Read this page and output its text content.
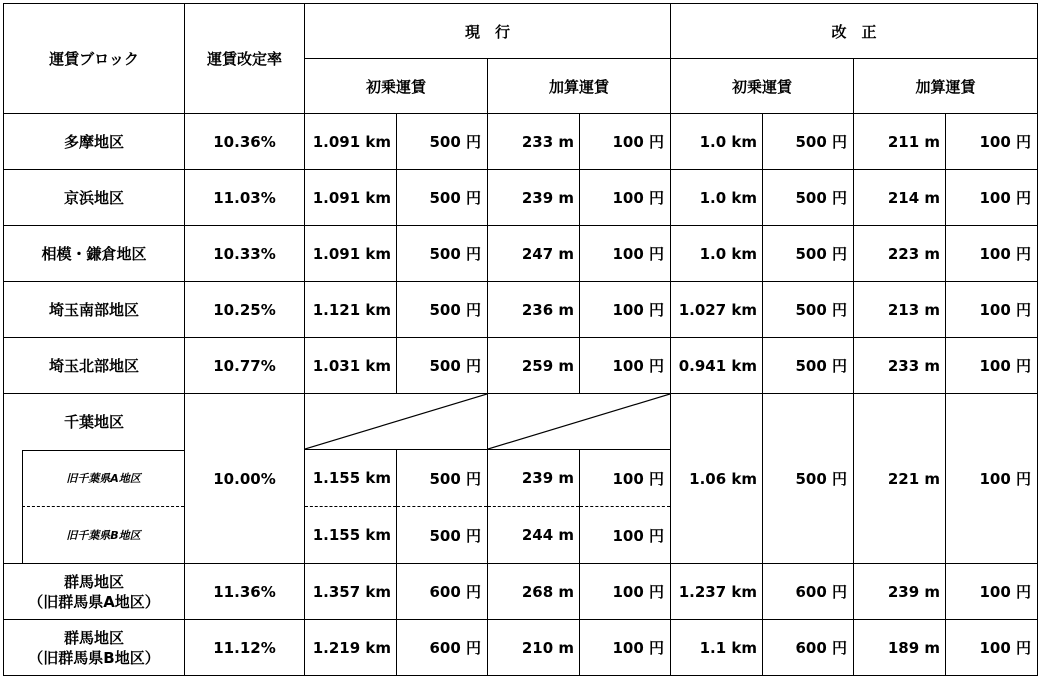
運賃ブロック	運賃改定率	現　行				改　正			
		初乗運賃		加算運賃		初乗運賃		加算運賃	
多摩地区	10.36%	1.091 km	500 円	233 m	100 円	1.0 km	500 円	211 m	100 円
京浜地区	11.03%	1.091 km	500 円	239 m	100 円	1.0 km	500 円	214 m	100 円
相模・鎌倉地区	10.33%	1.091 km	500 円	247 m	100 円	1.0 km	500 円	223 m	100 円
埼玉南部地区	10.25%	1.121 km	500 円	236 m	100 円	1.027 km	500 円	213 m	100 円
埼玉北部地区	10.77%	1.031 km	500 円	259 m	100 円	0.941 km	500 円	233 m	100 円
千葉地区	10.00%					1.06 km	500 円	221 m	100 円

旧千葉県A地区		1.155 km	500 円	239 m	100 円				

旧千葉県B地区		1.155 km	500 円	244 m	100 円				

群馬地区
（旧群馬県A地区）	11.36%	1.357 km	600 円	268 m	100 円	1.237 km	600 円	239 m	100 円

群馬地区
（旧群馬県B地区）	11.12%	1.219 km	600 円	210 m	100 円	1.1 km	600 円	189 m	100 円
